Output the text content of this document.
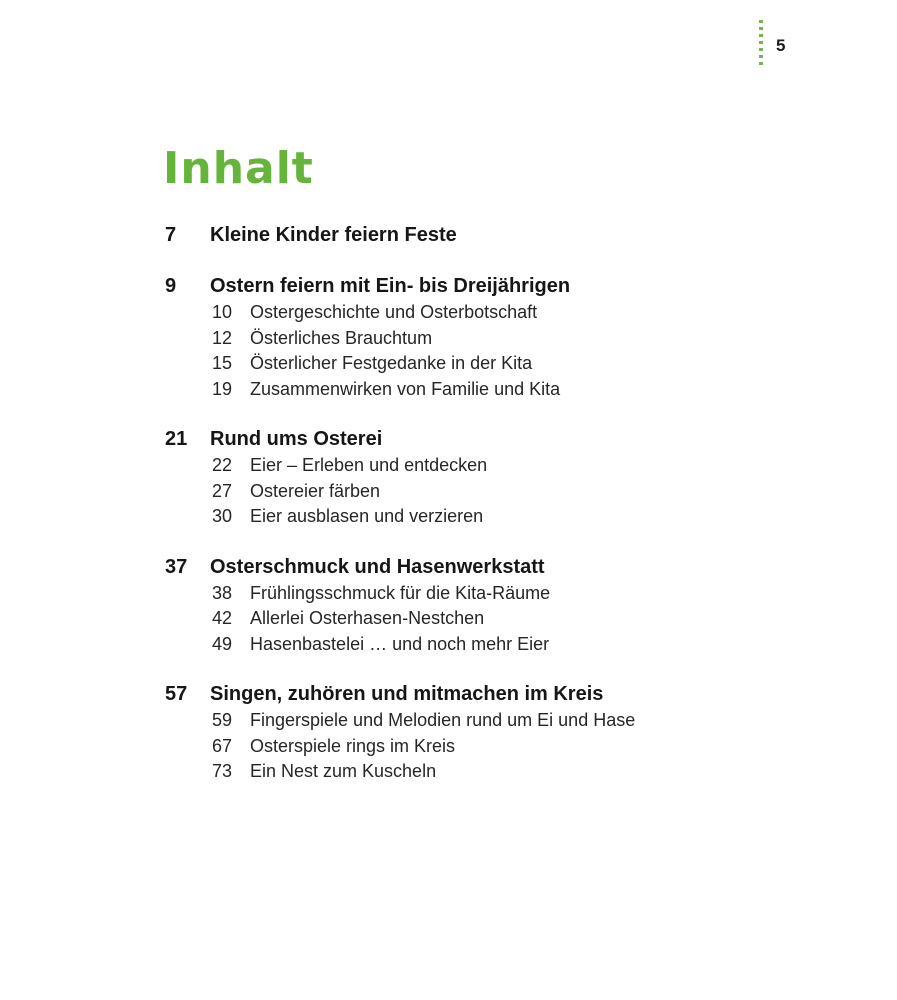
5
Inhalt
7	Kleine Kinder feiern Feste
9	Ostern feiern mit Ein- bis Dreijährigen
10 Ostergeschichte und Osterbotschaft
12 Österliches Brauchtum
15 Österlicher Festgedanke in der Kita
19 Zusammenwirken von Familie und Kita
21	Rund ums Osterei
22 Eier – Erleben und entdecken
27 Ostereier färben
30 Eier ausblasen und verzieren
37	Osterschmuck und Hasenwerkstatt
38 Frühlingsschmuck für die Kita-Räume
42 Allerlei Osterhasen-Nestchen
49 Hasenbastelei … und noch mehr Eier
57	Singen, zuhören und mitmachen im Kreis
59 Fingerspiele und Melodien rund um Ei und Hase
67 Osterspiele rings im Kreis
73 Ein Nest zum Kuscheln
